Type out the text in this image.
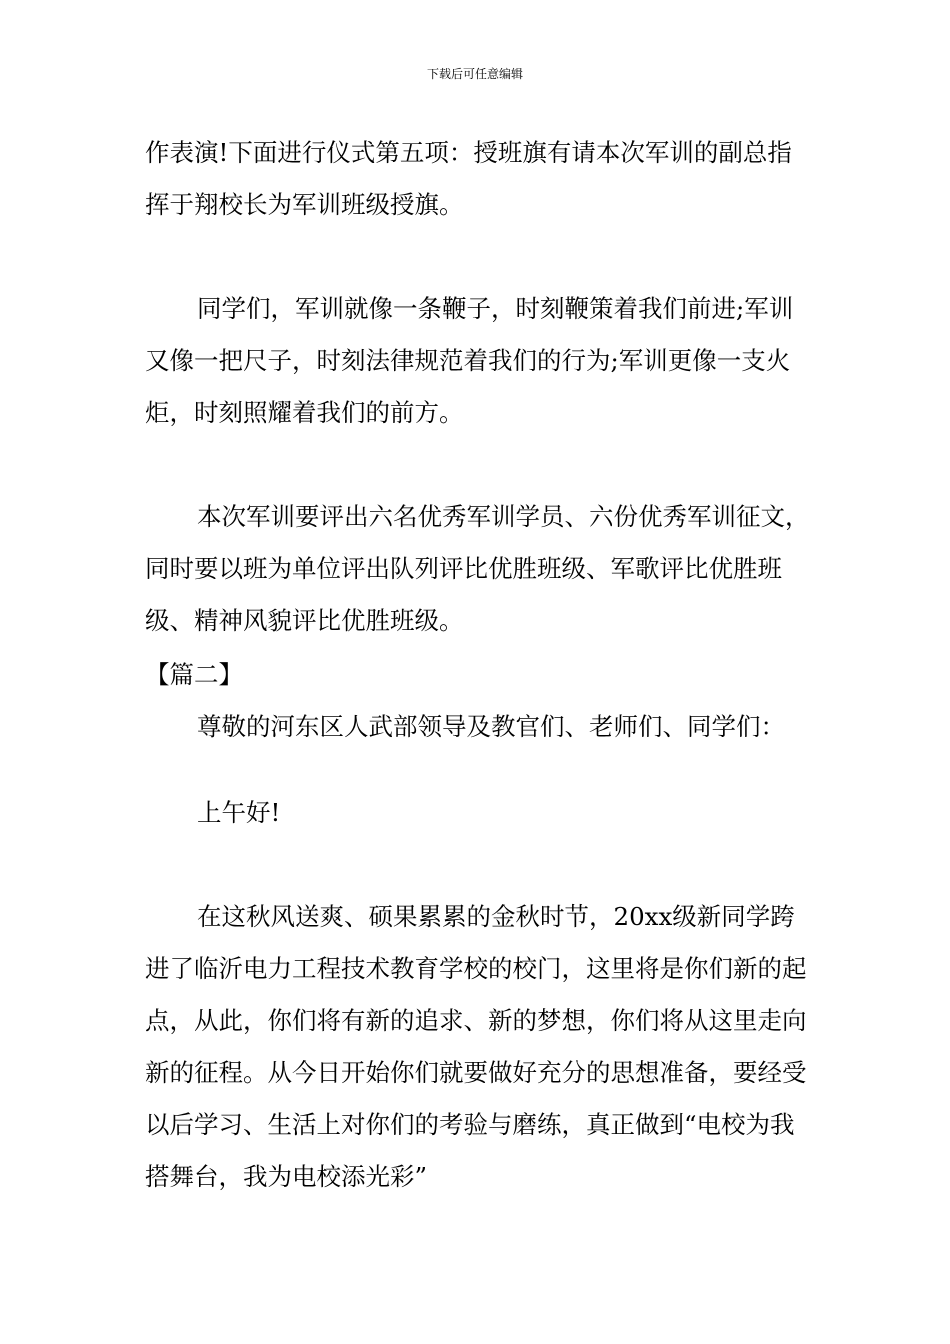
下载后可任意编辑

作表演!下面进行仪式第五项：授班旗有请本次军训的副总指挥于翔校长为军训班级授旗。

同学们，军训就像一条鞭子，时刻鞭策着我们前进;军训又像一把尺子，时刻法律规范着我们的行为;军训更像一支火炬，时刻照耀着我们的前方。

本次军训要评出六名优秀军训学员、六份优秀军训征文，同时要以班为单位评出队列评比优胜班级、军歌评比优胜班级、精神风貌评比优胜班级。

【篇二】

尊敬的河东区人武部领导及教官们、老师们、同学们：

上午好!

在这秋风送爽、硕果累累的金秋时节，20xx级新同学跨进了临沂电力工程技术教育学校的校门，这里将是你们新的起点，从此，你们将有新的追求、新的梦想，你们将从这里走向新的征程。从今日开始你们就要做好充分的思想准备，要经受以后学习、生活上对你们的考验与磨练，真正做到“电校为我搭舞台，我为电校添光彩”
